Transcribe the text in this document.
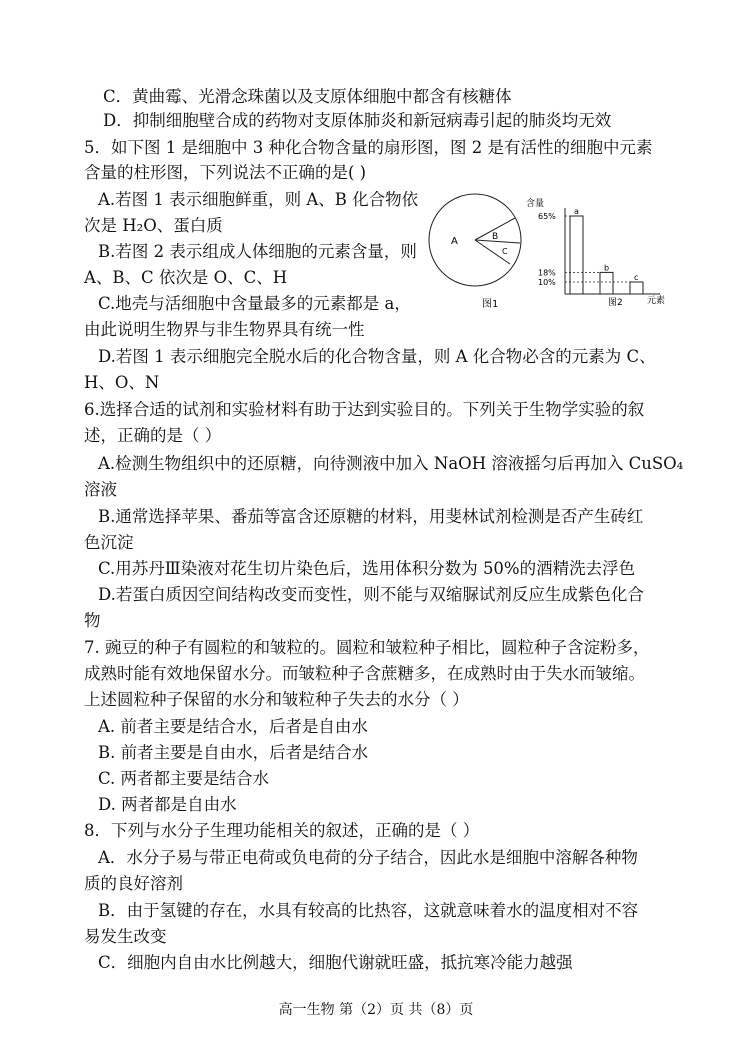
C．黄曲霉、光滑念珠菌以及支原体细胞中都含有核糖体
D．抑制细胞壁合成的药物对支原体肺炎和新冠病毒引起的肺炎均无效
5．如下图 1 是细胞中 3 种化合物含量的扇形图，图 2 是有活性的细胞中元素
含量的柱形图，下列说法不正确的是( )
A.若图 1 表示细胞鲜重，则 A、B 化合物依
次是 H₂O、蛋白质
B.若图 2 表示组成人体细胞的元素含量，则
A、B、C 依次是 O、C、H
C.地壳与活细胞中含量最多的元素都是 a，
由此说明生物界与非生物界具有统一性
D.若图 1 表示细胞完全脱水后的化合物含量，则 A 化合物必含的元素为 C、
H、O、N
6.选择合适的试剂和实验材料有助于达到实验目的。下列关于生物学实验的叙
述，正确的是（ ）
A.检测生物组织中的还原糖，向待测液中加入 NaOH 溶液摇匀后再加入 CuSO₄
溶液
B.通常选择苹果、番茄等富含还原糖的材料，用斐林试剂检测是否产生砖红
色沉淀
C.用苏丹Ⅲ染液对花生切片染色后，选用体积分数为 50%的酒精洗去浮色
D.若蛋白质因空间结构改变而变性，则不能与双缩脲试剂反应生成紫色化合
物
7. 豌豆的种子有圆粒的和皱粒的。圆粒和皱粒种子相比，圆粒种子含淀粉多，
成熟时能有效地保留水分。而皱粒种子含蔗糖多，在成熟时由于失水而皱缩。
上述圆粒种子保留的水分和皱粒种子失去的水分（ ）
A. 前者主要是结合水，后者是自由水
B. 前者主要是自由水，后者是结合水
C. 两者都主要是结合水
D. 两者都是自由水
8．下列与水分子生理功能相关的叙述，正确的是（ ）
A．水分子易与带正电荷或负电荷的分子结合，因此水是细胞中溶解各种物
质的良好溶剂
B．由于氢键的存在，水具有较高的比热容，这就意味着水的温度相对不容
易发生改变
C．细胞内自由水比例越大，细胞代谢就旺盛，抵抗寒冷能力越强
A	B
C
图1
含量
元素
图2
a
65%
b
18%
c
10%
高一生物 第（2）页 共（8）页
